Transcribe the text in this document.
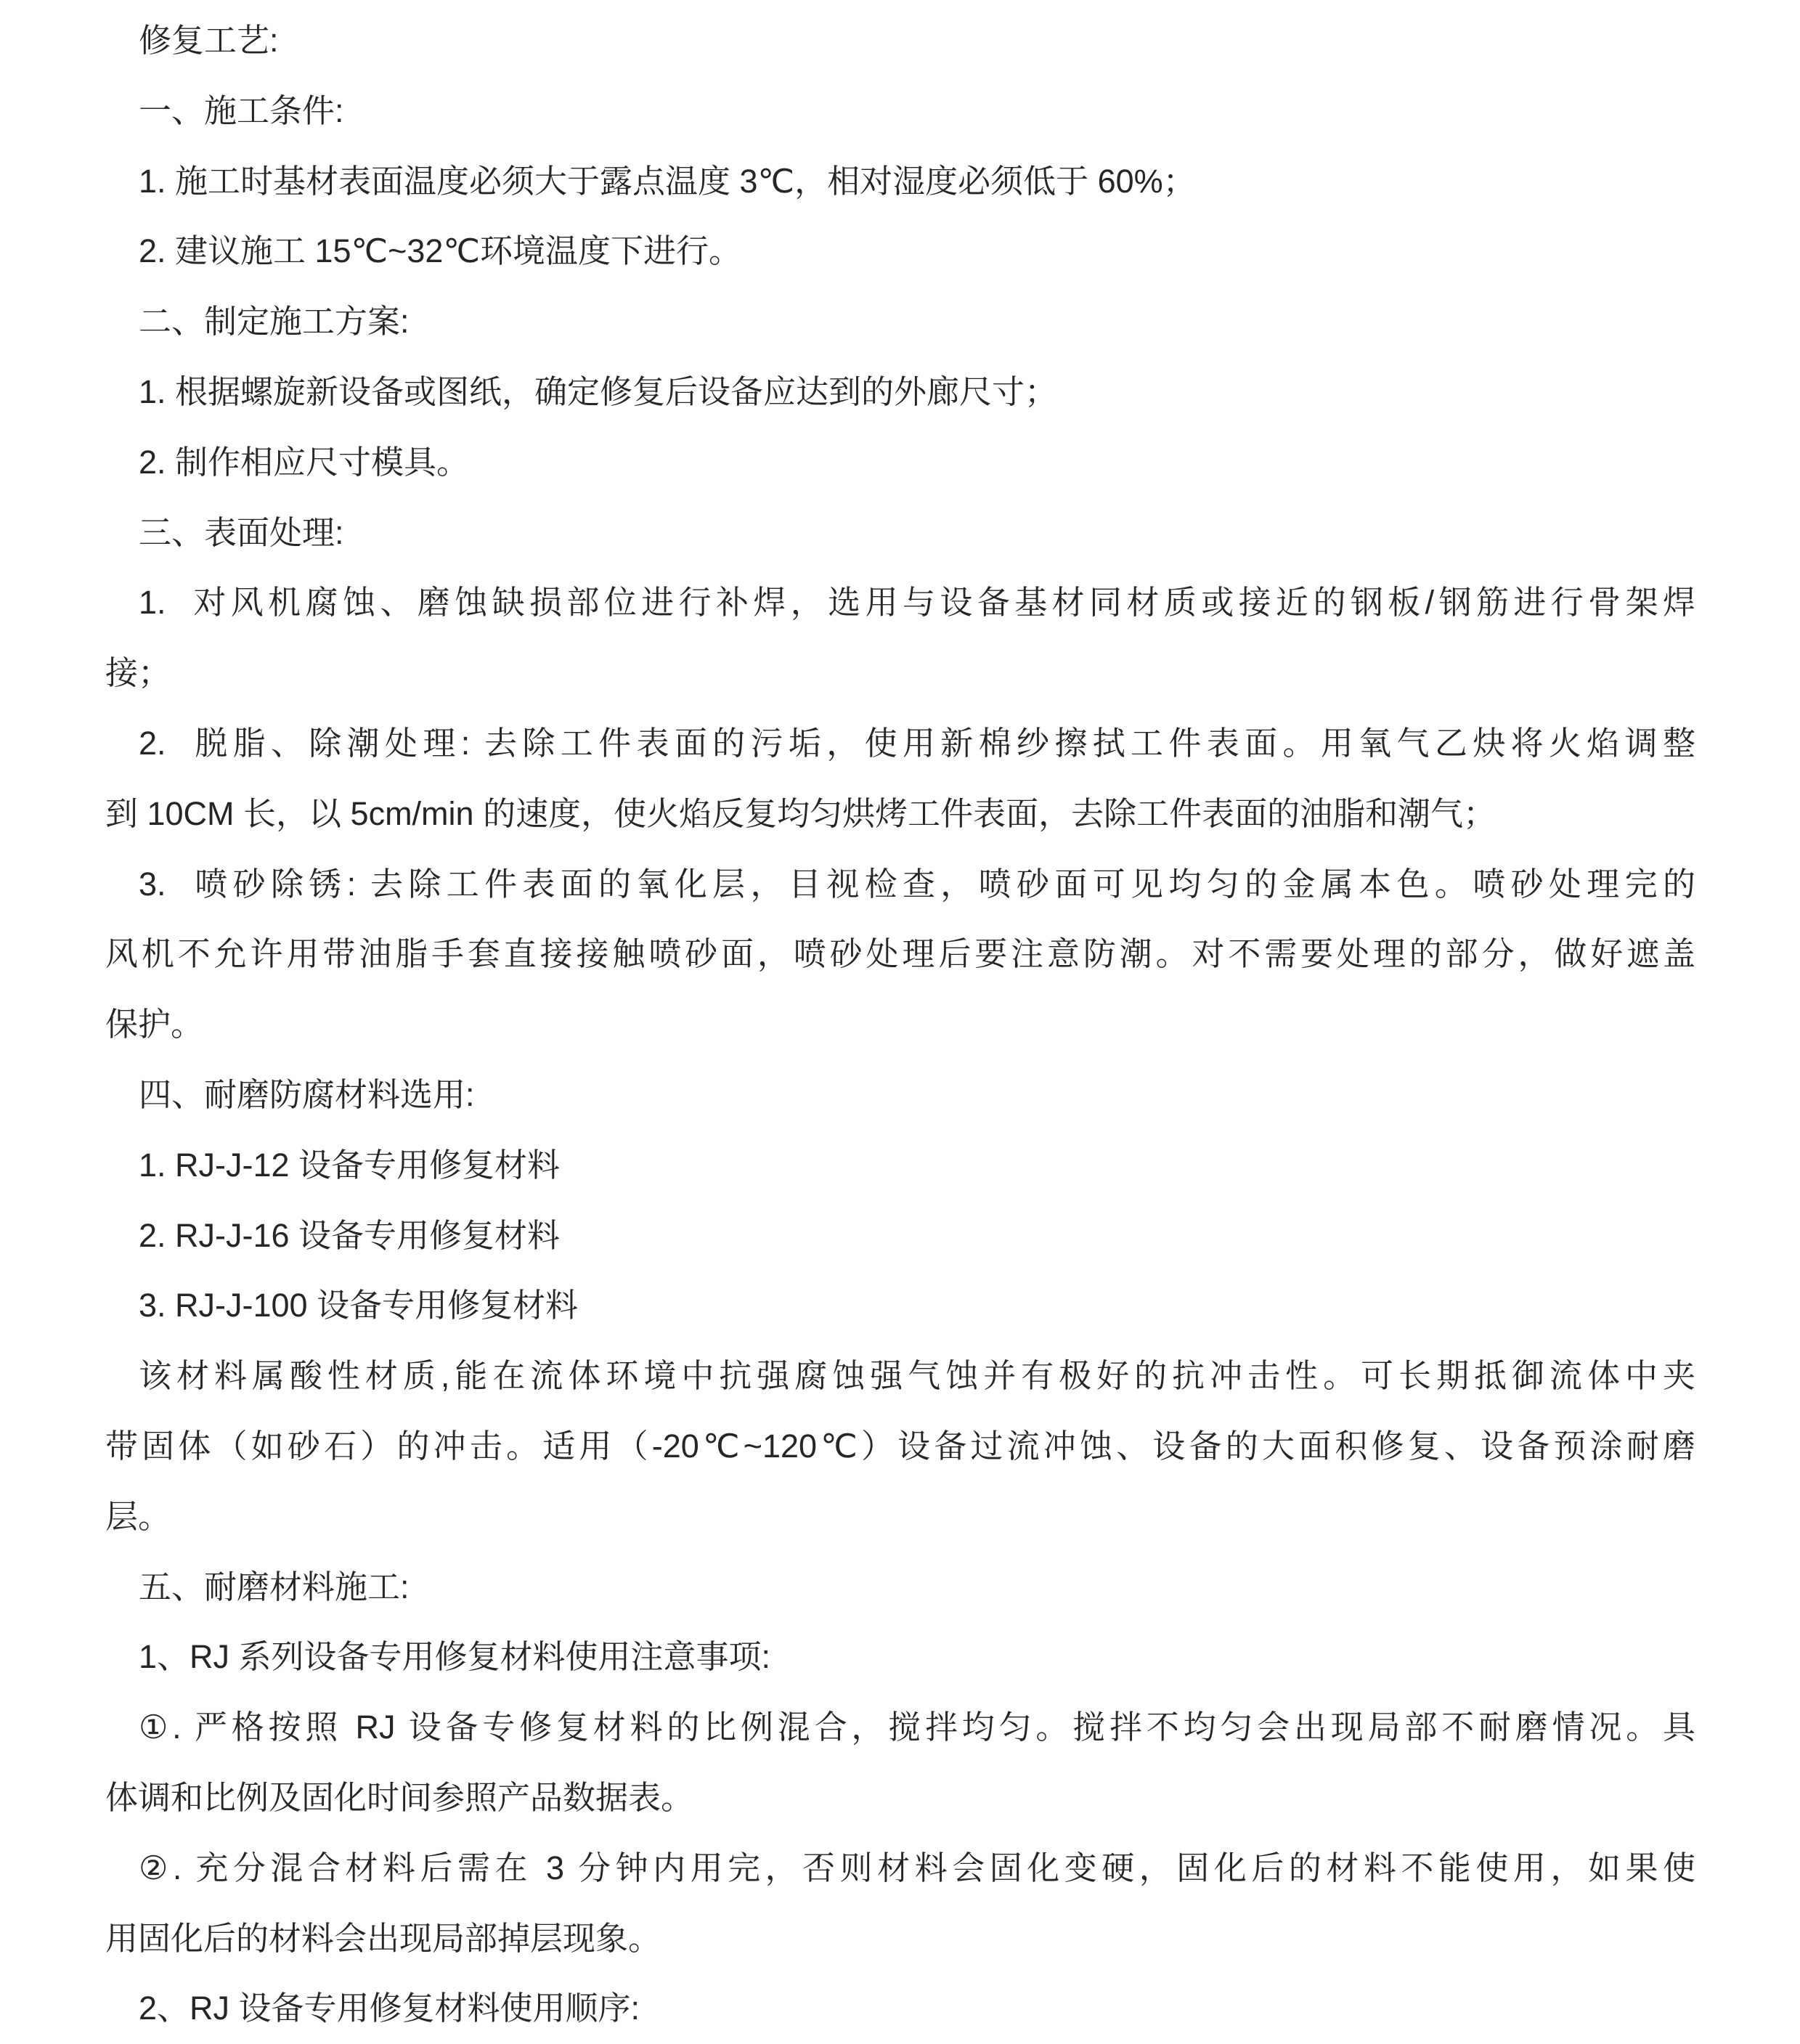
修复工艺:
一、施工条件:
1. 施工时基材表面温度必须大于露点温度 3℃，相对湿度必须低于 60%；
2. 建议施工 15℃~32℃环境温度下进行。
二、制定施工方案:
1. 根据螺旋新设备或图纸，确定修复后设备应达到的外廊尺寸；
2. 制作相应尺寸模具。
三、表面处理:
1.  对风机腐蚀、磨蚀缺损部位进行补焊，选用与设备基材同材质或接近的钢板/钢筋进行骨架焊
接；
2.  脱脂、除潮处理: 去除工件表面的污垢，使用新棉纱擦拭工件表面。用氧气乙炔将火焰调整
到 10CM 长，以 5cm/min 的速度，使火焰反复均匀烘烤工件表面，去除工件表面的油脂和潮气；
3.  喷砂除锈: 去除工件表面的氧化层，目视检查，喷砂面可见均匀的金属本色。喷砂处理完的
风机不允许用带油脂手套直接接触喷砂面，喷砂处理后要注意防潮。对不需要处理的部分，做好遮盖
保护。
四、耐磨防腐材料选用:
1. RJ-J-12 设备专用修复材料
2. RJ-J-16 设备专用修复材料
3. RJ-J-100 设备专用修复材料
该材料属酸性材质,能在流体环境中抗强腐蚀强气蚀并有极好的抗冲击性。可长期抵御流体中夹
带固体（如砂石）的冲击。适用（-20℃~120℃）设备过流冲蚀、设备的大面积修复、设备预涂耐磨
层。
五、耐磨材料施工:
1、RJ 系列设备专用修复材料使用注意事项:
①. 严格按照 RJ 设备专修复材料的比例混合，搅拌均匀。搅拌不均匀会出现局部不耐磨情况。具
体调和比例及固化时间参照产品数据表。
②. 充分混合材料后需在 3 分钟内用完，否则材料会固化变硬，固化后的材料不能使用，如果使
用固化后的材料会出现局部掉层现象。
2、RJ 设备专用修复材料使用顺序:
